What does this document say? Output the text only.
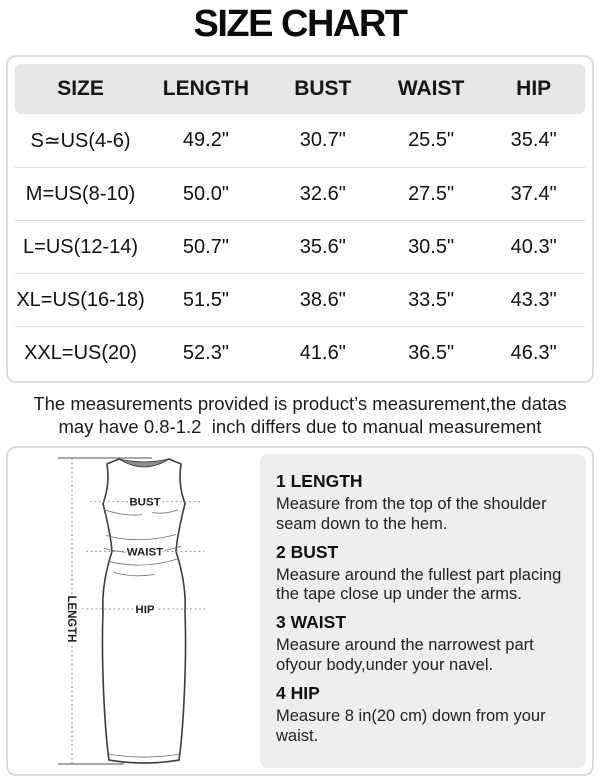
SIZE CHART
SIZE	LENGTH	BUST	WAIST	HIP
S≃US(4-6)	49.2"	30.7"	25.5"	35.4"
M=US(8-10)	50.0"	32.6"	27.5"	37.4"
L=US(12-14)	50.7"	35.6"	30.5"	40.3"
XL=US(16-18)	51.5"	38.6"	33.5"	43.3"
XXL=US(20)	52.3"	41.6"	36.5"	46.3"
The measurements provided is product’s measurement,the datas
may have 0.8-1.2  inch differs due to manual measurement
BUST
WAIST
HIP
LENGTH
1 LENGTH
Measure from the top of the shoulder
seam down to the hem.
2 BUST
Measure around the fullest part placing
the tape close up under the arms.
3 WAIST
Measure around the narrowest part
ofyour body,under your navel.
4 HIP
Measure 8 in(20 cm) down from your
waist.
